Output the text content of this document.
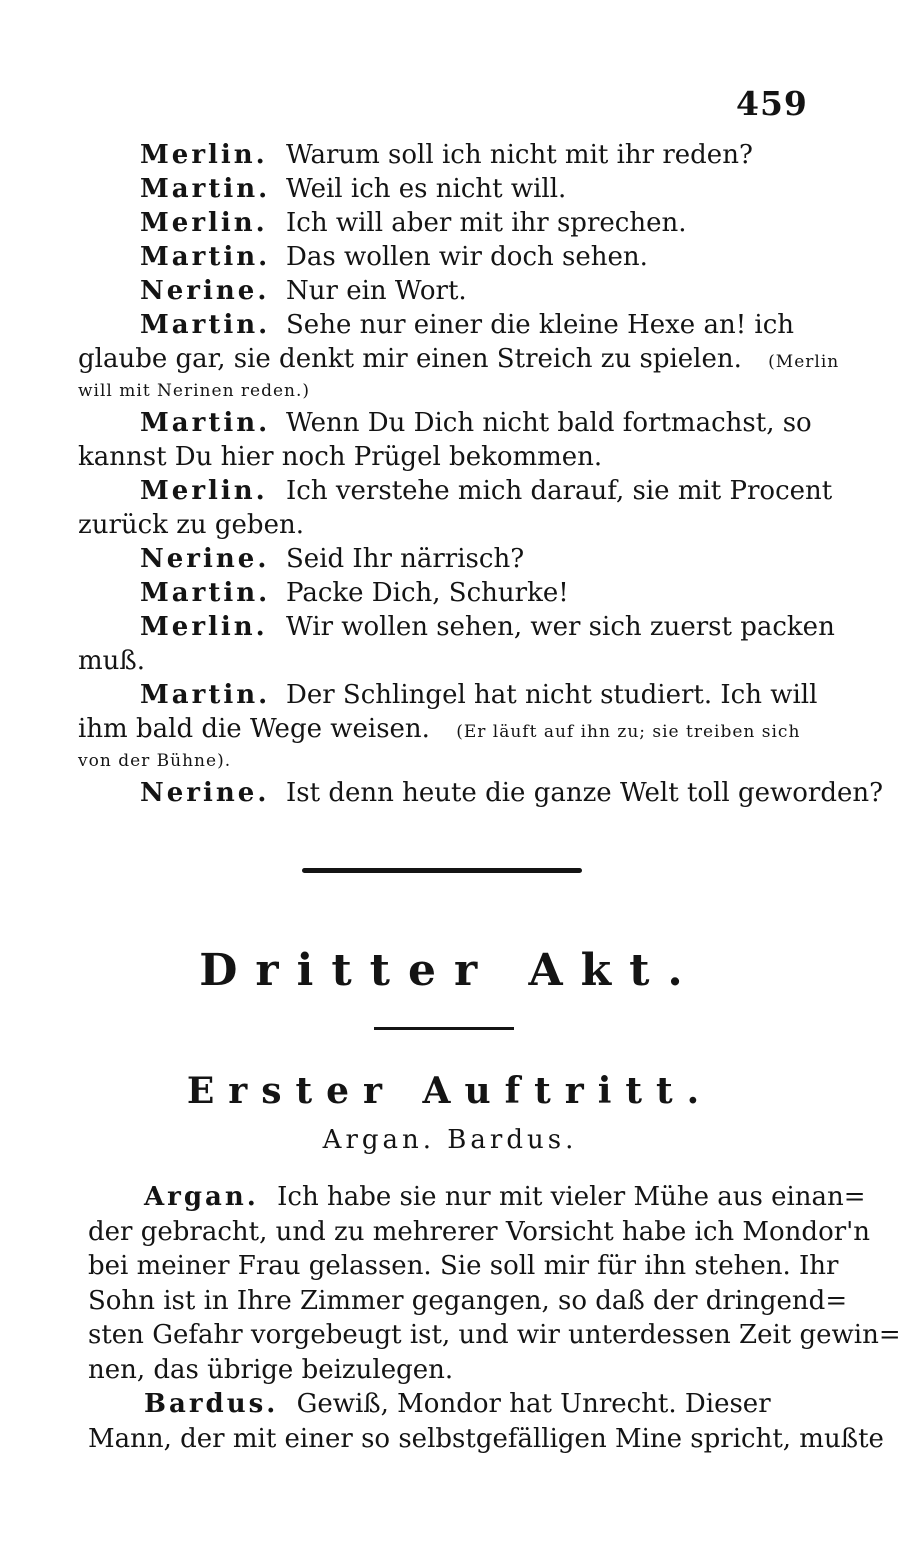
459
Merlin. Warum soll ich nicht mit ihr reden?
Martin. Weil ich es nicht will.
Merlin. Ich will aber mit ihr sprechen.
Martin. Das wollen wir doch sehen.
Nerine. Nur ein Wort.
Martin. Sehe nur einer die kleine Hexe an! ich
glaube gar, sie denkt mir einen Streich zu spielen. (Merlin
will mit Nerinen reden.)
Martin. Wenn Du Dich nicht bald fortmachst, so
kannst Du hier noch Prügel bekommen.
Merlin. Ich verstehe mich darauf, sie mit Procent
zurück zu geben.
Nerine. Seid Ihr närrisch?
Martin. Packe Dich, Schurke!
Merlin. Wir wollen sehen, wer sich zuerst packen
muß.
Martin. Der Schlingel hat nicht studiert. Ich will
ihm bald die Wege weisen. (Er läuft auf ihn zu; sie treiben sich
von der Bühne).
Nerine. Ist denn heute die ganze Welt toll geworden?
Dritter Akt.
Erster Auftritt.
Argan. Bardus.
Argan. Ich habe sie nur mit vieler Mühe aus einan=
der gebracht, und zu mehrerer Vorsicht habe ich Mondor'n
bei meiner Frau gelassen. Sie soll mir für ihn stehen. Ihr
Sohn ist in Ihre Zimmer gegangen, so daß der dringend=
sten Gefahr vorgebeugt ist, und wir unterdessen Zeit gewin=
nen, das übrige beizulegen.
Bardus. Gewiß, Mondor hat Unrecht. Dieser
Mann, der mit einer so selbstgefälligen Mine spricht, mußte
